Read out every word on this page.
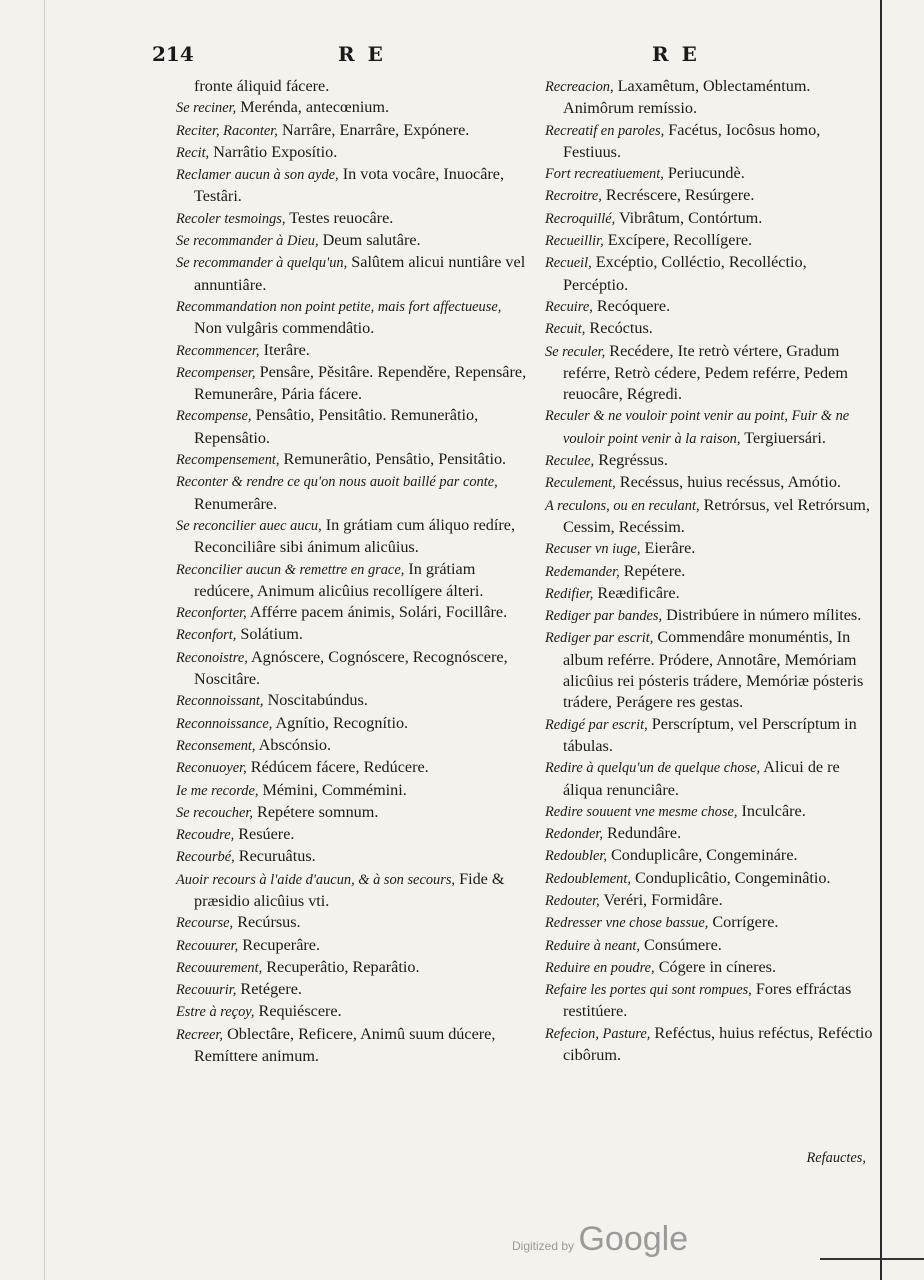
214	R E	R E

fronte áliquid fácere.

Se reciner, Merénda, antecœnium.

Reciter, Raconter, Narrâre, Enarrâre, Expónere.

Recit, Narrâtio Exposítio.

Reclamer aucun à son ayde, In vota vocâre, Inuocâre, Testâri.

Recoler tesmoings, Testes reuocâre.

Se recommander à Dieu, Deum salutâre.

Se recommander à quelqu'un, Salûtem alicui nuntiâre vel annuntiâre.

Recommandation non point petite, mais fort affectueuse, Non vulgâris commendâtio.

Recommencer, Iterâre.

Recompenser, Pensâre, Pěsitâre. Rependěre, Repensâre, Remunerâre, Pária fácere.

Recompense, Pensâtio, Pensitâtio. Remunerâtio, Repensâtio.

Recompensement, Remunerâtio, Pensâtio, Pensitâtio.

Reconter & rendre ce qu'on nous auoit baillé par conte, Renumerâre.

Se reconcilier auec aucu, In grátiam cum áliquo redíre, Reconciliâre sibi ánimum alicûius.

Reconcilier aucun & remettre en grace, In grátiam redúcere, Animum alicûius recollígere álteri.

Reconforter, Afférre pacem ánimis, Solári, Focillâre.

Reconfort, Solátium.

Reconoistre, Agnóscere, Cognóscere, Recognóscere, Noscitâre.

Reconnoissant, Noscitabúndus.

Reconnoissance, Agnítio, Recognítio.

Reconsement, Abscónsio.

Reconuoyer, Rédúcem fácere, Redúcere.

Ie me recorde, Mémini, Comméminі.

Se recoucher, Repétere somnum.

Recoudre, Resúere.

Recourbé, Recuruâtus.

Auoir recours à l'aide d'aucun, & à son secours, Fide & præsidio alicûius vti.

Recourse, Recúrsus.

Recouurer, Recuperâre.

Recouurement, Recuperâtio, Reparâtio.

Recouurir, Retégere.

Estre à reçoy, Requiéscere.

Recreer, Oblectâre, Reficere, Animû suum dúcere, Remíttere animum.

Recreacion, Laxamêtum, Oblectaméntum. Animôrum remíssio.

Recreatif en paroles, Facétus, Iocôsus homo, Festiuus.

Fort recreatiuement, Periucundè.

Recroitre, Recréscere, Resúrgere.

Recroquillé, Vibrâtum, Contórtum.

Recueillir, Excípere, Recollígere.

Recueil, Excéptio, Colléctio, Recolléctio, Percéptio.

Recuire, Recóquere.

Recuit, Recóctus.

Se reculer, Recédere, Ite retrò vértere, Gradum reférre, Retrò cédere, Pedem reférre, Pedem reuocâre, Régredi.

Reculer & ne vouloir point venir au point, Fuir & ne vouloir point venir à la raison, Tergiuersári.

Reculee, Regréssus.

Reculement, Recéssus, huius recéssus, Amótio.

A reculons, ou en reculant, Retrórsus, vel Retrórsum, Cessim, Recéssim.

Recuser vn iuge, Eierâre.

Redemander, Repétere.

Redifier, Reædificâre.

Rediger par bandes, Distribúere in número mílites.

Rediger par escrit, Commendâre monuméntis, In album reférre. Pródere, Annotâre, Memóriam alicûius rei pósteris trádere, Memóriæ pósteris trádere, Perágere res gestas.

Redigé par escrit, Perscríptum, vel Perscríptum in tábulas.

Redire à quelqu'un de quelque chose, Alicui de re áliqua renunciâre.

Redire souuent vne mesme chose, Inculcâre.

Redonder, Redundâre.

Redoubler, Conduplicâre, Congemináre.

Redoublement, Conduplicâtio, Congeminâtio.

Redouter, Veréri, Formidâre.

Redresser vne chose bassue, Corrígere.

Reduire à neant, Consúmere.

Reduire en poudre, Cógere in cíneres.

Refaire les portes qui sont rompues, Fores effráctas restitúere.

Refecion, Pasture, Reféctus, huius reféctus, Reféctio cibôrum.

Refauctes,
Digitized by Google
